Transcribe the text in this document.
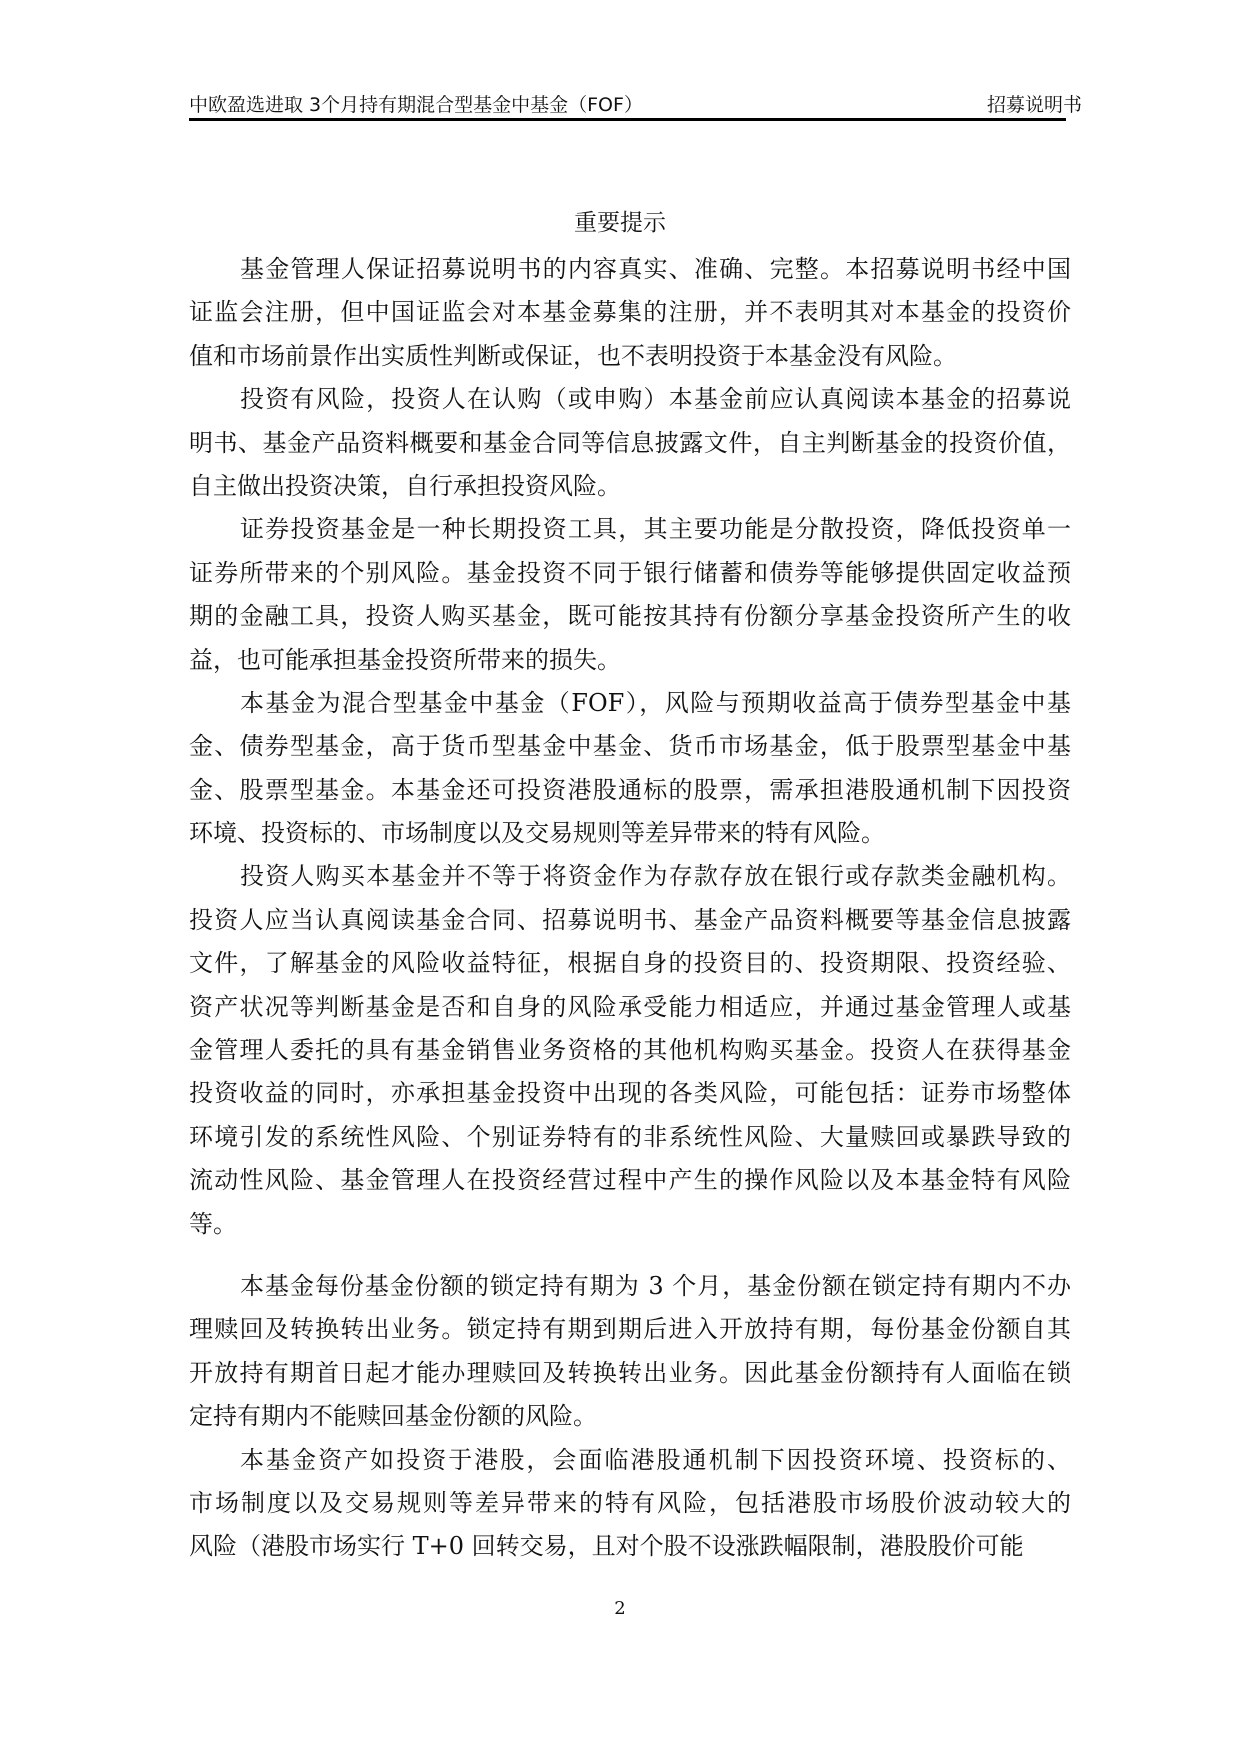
中欧盈选进取 3个月持有期混合型基金中基金（FOF）	招募说明书
重要提示
基金管理人保证招募说明书的内容真实、准确、完整。本招募说明书经中国
证监会注册，但中国证监会对本基金募集的注册，并不表明其对本基金的投资价
值和市场前景作出实质性判断或保证，也不表明投资于本基金没有风险。
投资有风险，投资人在认购（或申购）本基金前应认真阅读本基金的招募说
明书、基金产品资料概要和基金合同等信息披露文件，自主判断基金的投资价值，
自主做出投资决策，自行承担投资风险。
证券投资基金是一种长期投资工具，其主要功能是分散投资，降低投资单一
证券所带来的个别风险。基金投资不同于银行储蓄和债券等能够提供固定收益预
期的金融工具，投资人购买基金，既可能按其持有份额分享基金投资所产生的收
益，也可能承担基金投资所带来的损失。
本基金为混合型基金中基金（FOF），风险与预期收益高于债券型基金中基
金、债券型基金，高于货币型基金中基金、货币市场基金，低于股票型基金中基
金、股票型基金。本基金还可投资港股通标的股票，需承担港股通机制下因投资
环境、投资标的、市场制度以及交易规则等差异带来的特有风险。
投资人购买本基金并不等于将资金作为存款存放在银行或存款类金融机构。
投资人应当认真阅读基金合同、招募说明书、基金产品资料概要等基金信息披露
文件，了解基金的风险收益特征，根据自身的投资目的、投资期限、投资经验、
资产状况等判断基金是否和自身的风险承受能力相适应，并通过基金管理人或基
金管理人委托的具有基金销售业务资格的其他机构购买基金。投资人在获得基金
投资收益的同时，亦承担基金投资中出现的各类风险，可能包括：证券市场整体
环境引发的系统性风险、个别证券特有的非系统性风险、大量赎回或暴跌导致的
流动性风险、基金管理人在投资经营过程中产生的操作风险以及本基金特有风险
等。
本基金每份基金份额的锁定持有期为 3 个月，基金份额在锁定持有期内不办
理赎回及转换转出业务。锁定持有期到期后进入开放持有期，每份基金份额自其
开放持有期首日起才能办理赎回及转换转出业务。因此基金份额持有人面临在锁
定持有期内不能赎回基金份额的风险。
本基金资产如投资于港股，会面临港股通机制下因投资环境、投资标的、
市场制度以及交易规则等差异带来的特有风险，包括港股市场股价波动较大的
风险（港股市场实行 T+0 回转交易，且对个股不设涨跌幅限制，港股股价可能
2
